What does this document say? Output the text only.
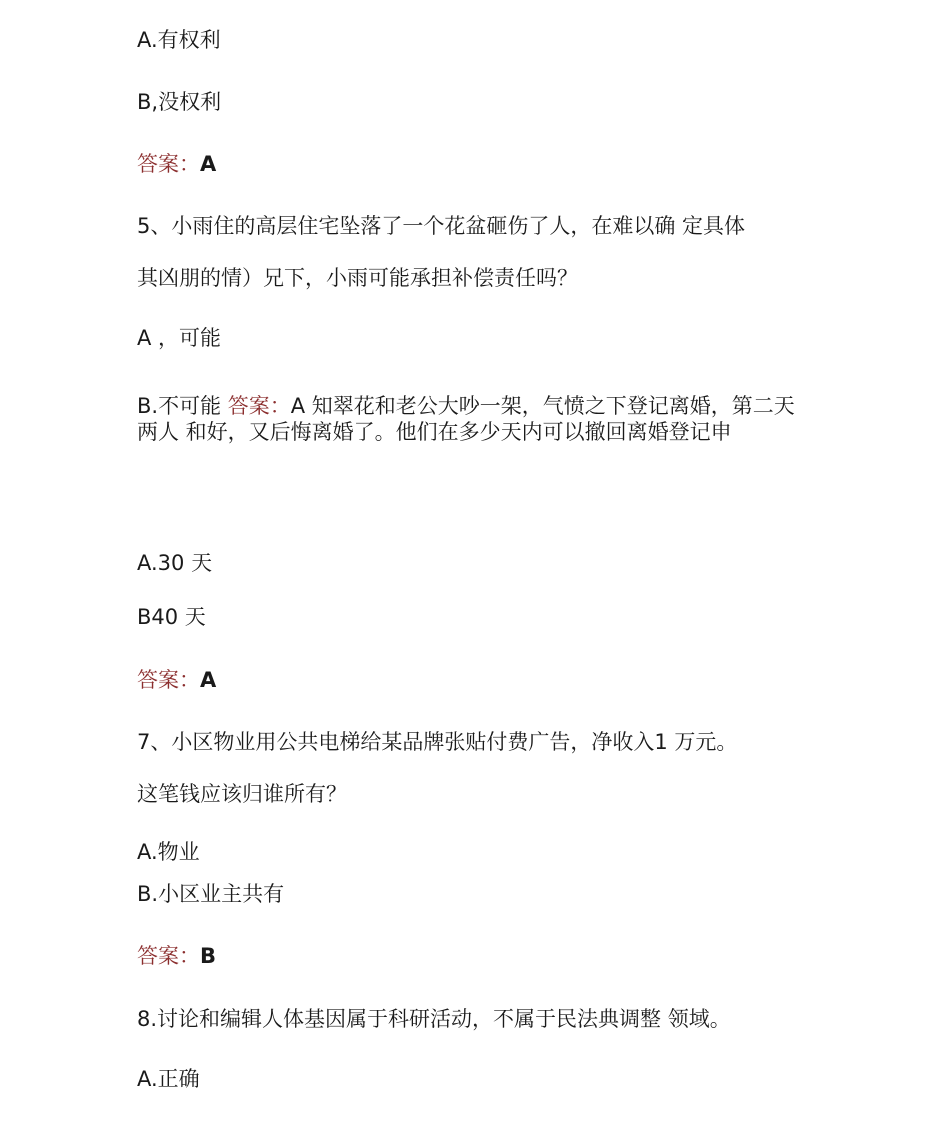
A.有权利
B,没权利
答案：A
5、小雨住的高层住宅坠落了一个花盆砸伤了人，在难以确 定具体
其凶朋的情）兄下，小雨可能承担补偿责任吗？
A ，可能
B.不可能 答案：A 知翠花和老公大吵一架，气愤之下登记离婚，第二天两人 和好，又后悔离婚了。他们在多少天内可以撤回离婚登记申
A.30 天
B40 天
答案：A
7、小区物业用公共电梯给某品牌张贴付费广告，净收入1 万元。
这笔钱应该归谁所有？
A.物业
B.小区业主共有
答案：B
8.讨论和编辑人体基因属于科研活动，不属于民法典调整 领域。
A.正确
